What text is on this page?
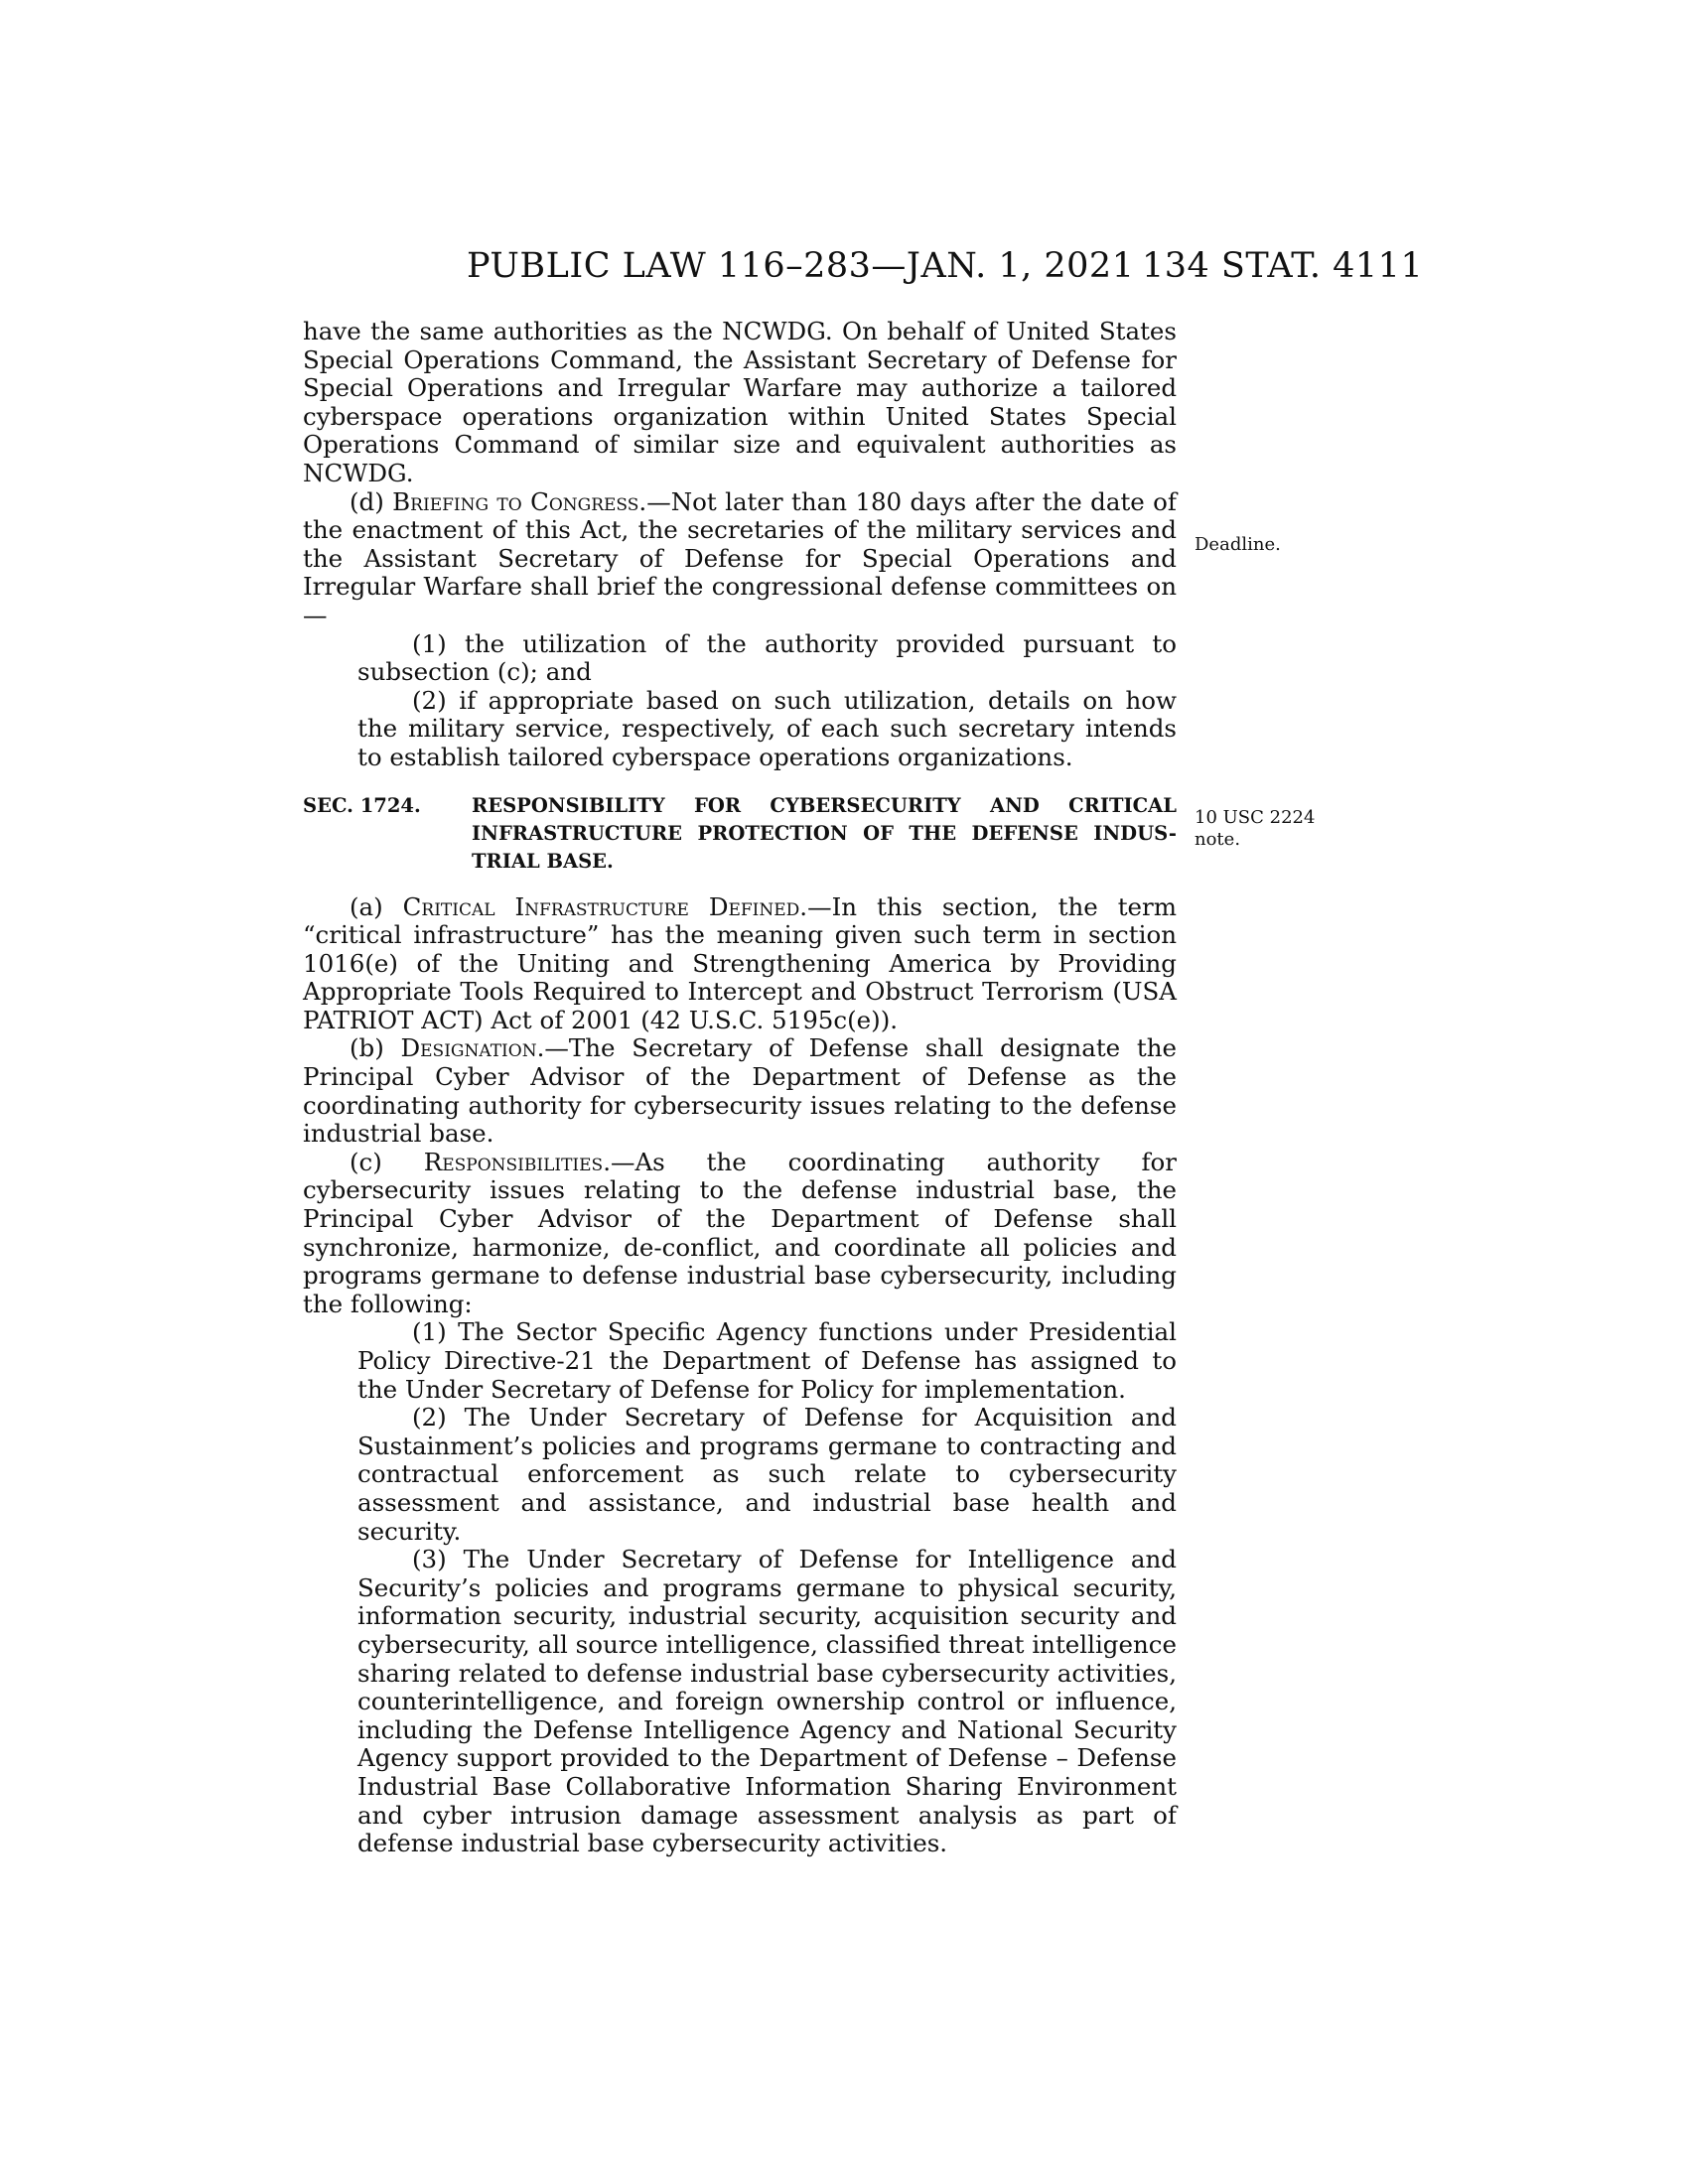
PUBLIC LAW 116–283—JAN. 1, 2021 134 STAT. 4111
Deadline.
10 USC 2224
note.

have the same authorities as the NCWDG. On behalf of United States Special Operations Command, the Assistant Secretary of Defense for Special Operations and Irregular Warfare may authorize a tailored cyberspace operations organization within United States Special Operations Command of similar size and equivalent authorities as NCWDG.

(d) Briefing to Congress.—Not later than 180 days after the date of the enactment of this Act, the secretaries of the military services and the Assistant Secretary of Defense for Special Operations and Irregular Warfare shall brief the congressional defense committees on—

(1) the utilization of the authority provided pursuant to subsection (c); and

(2) if appropriate based on such utilization, details on how the military service, respectively, of each such secretary intends to establish tailored cyberspace operations organizations.

SEC. 1724.	RESPONSIBILITY FOR CYBERSECURITY AND CRITICAL INFRASTRUCTURE PROTECTION OF THE DEFENSE INDUS-TRIAL BASE.

(a) Critical Infrastructure Defined.—In this section, the term “critical infrastructure” has the meaning given such term in section 1016(e) of the Uniting and Strengthening America by Providing Appropriate Tools Required to Intercept and Obstruct Terrorism (USA PATRIOT ACT) Act of 2001 (42 U.S.C. 5195c(e)).

(b) Designation.—The Secretary of Defense shall designate the Principal Cyber Advisor of the Department of Defense as the coordinating authority for cybersecurity issues relating to the defense industrial base.

(c) Responsibilities.—As the coordinating authority for cybersecurity issues relating to the defense industrial base, the Principal Cyber Advisor of the Department of Defense shall synchronize, harmonize, de-conflict, and coordinate all policies and programs germane to defense industrial base cybersecurity, including the following:

(1) The Sector Specific Agency functions under Presidential Policy Directive-21 the Department of Defense has assigned to the Under Secretary of Defense for Policy for implementation.

(2) The Under Secretary of Defense for Acquisition and Sustainment’s policies and programs germane to contracting and contractual enforcement as such relate to cybersecurity assessment and assistance, and industrial base health and security.

(3) The Under Secretary of Defense for Intelligence and Security’s policies and programs germane to physical security, information security, industrial security, acquisition security and cybersecurity, all source intelligence, classified threat intelligence sharing related to defense industrial base cybersecurity activities, counterintelligence, and foreign ownership control or influence, including the Defense Intelligence Agency and National Security Agency support provided to the Department of Defense – Defense Industrial Base Collaborative Information Sharing Environment and cyber intrusion damage assessment analysis as part of defense industrial base cybersecurity activities.
